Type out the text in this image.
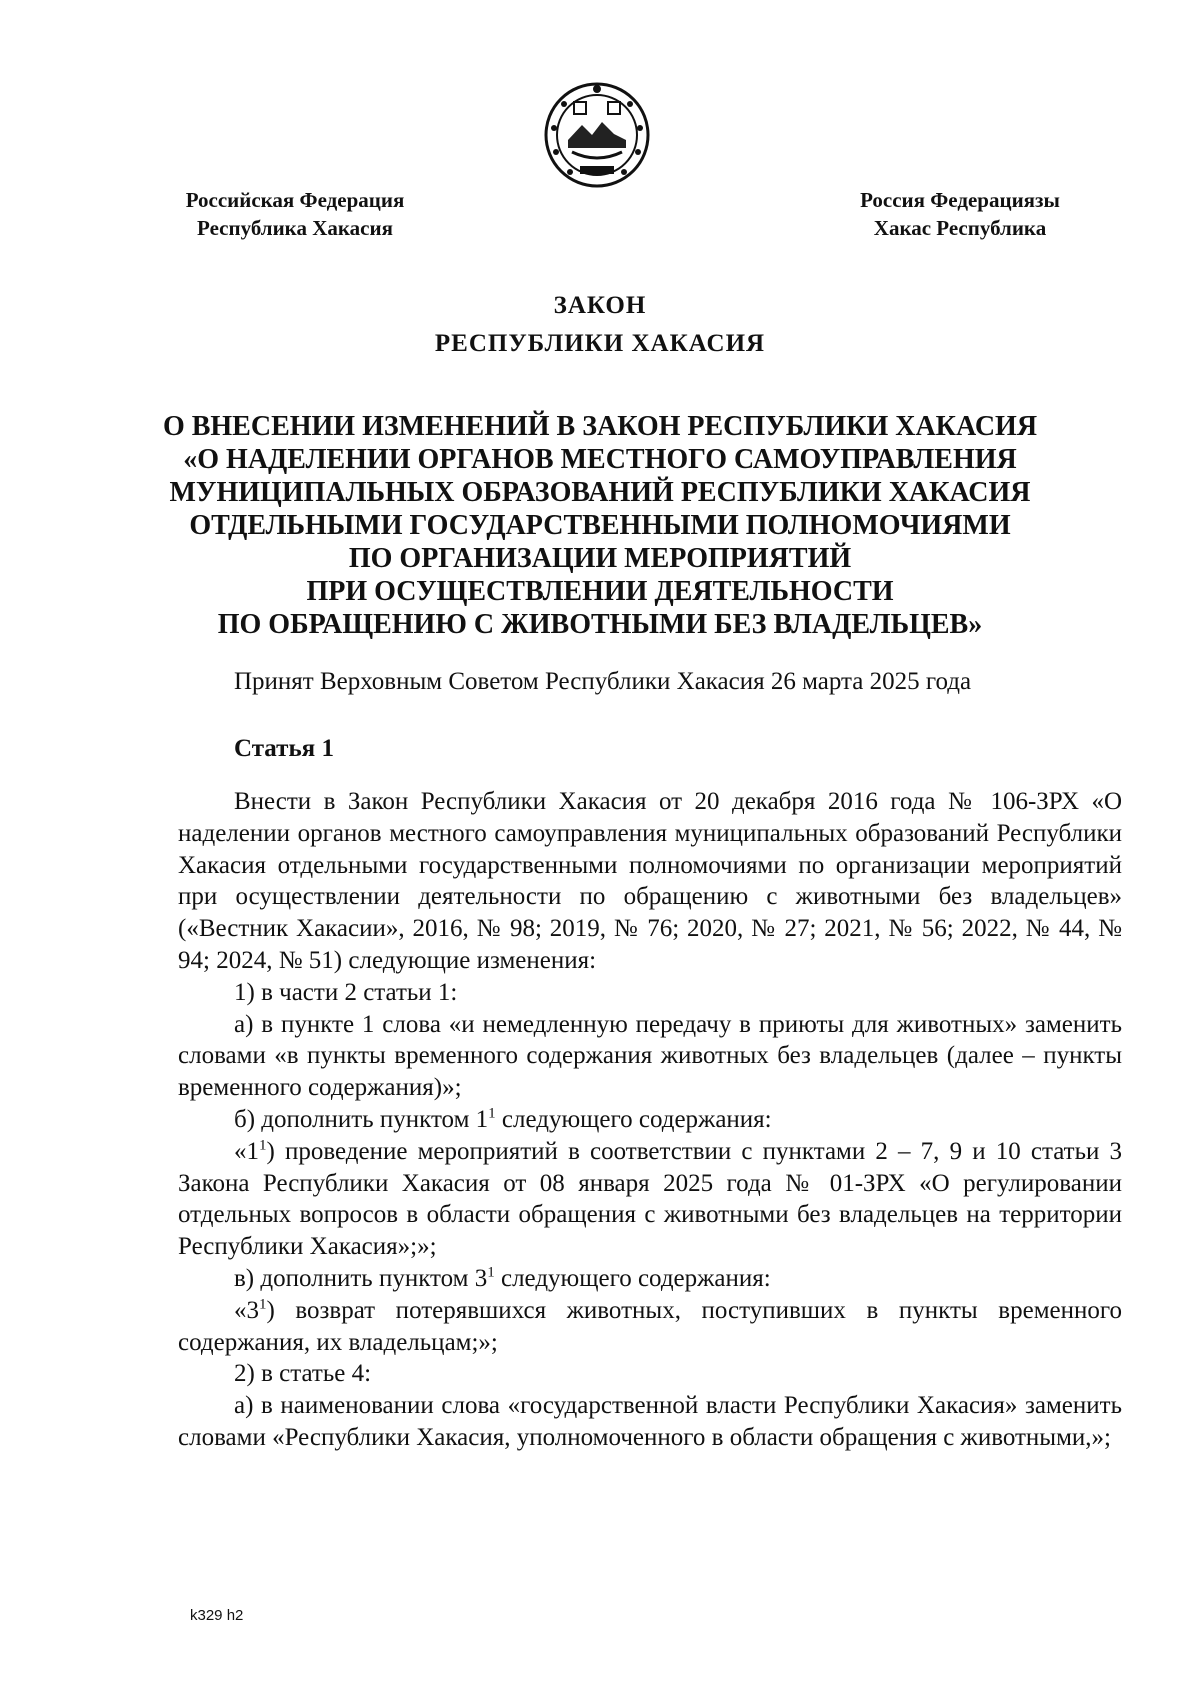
Российская Федерация
Республика Хакасия
Россия Федерациязы
Хакас Республика
ЗАКОН
РЕСПУБЛИКИ ХАКАСИЯ
О ВНЕСЕНИИ ИЗМЕНЕНИЙ В ЗАКОН РЕСПУБЛИКИ ХАКАСИЯ
«О НАДЕЛЕНИИ ОРГАНОВ МЕСТНОГО САМОУПРАВЛЕНИЯ
МУНИЦИПАЛЬНЫХ ОБРАЗОВАНИЙ РЕСПУБЛИКИ ХАКАСИЯ
ОТДЕЛЬНЫМИ ГОСУДАРСТВЕННЫМИ ПОЛНОМОЧИЯМИ
ПО ОРГАНИЗАЦИИ МЕРОПРИЯТИЙ
ПРИ ОСУЩЕСТВЛЕНИИ ДЕЯТЕЛЬНОСТИ
ПО ОБРАЩЕНИЮ С ЖИВОТНЫМИ БЕЗ ВЛАДЕЛЬЦЕВ»
Принят Верховным Советом Республики Хакасия 26 марта 2025 года
Статья 1

Внести в Закон Республики Хакасия от 20 декабря 2016 года № 106-ЗРХ «О наделении органов местного самоуправления муниципальных образований Республики Хакасия отдельными государственными полномочиями по организации мероприятий при осуществлении деятельности по обращению с животными без владельцев» («Вестник Хакасии», 2016, № 98; 2019, № 76; 2020, № 27; 2021, № 56; 2022, № 44, № 94; 2024, № 51) следующие изменения:

1) в части 2 статьи 1:

а) в пункте 1 слова «и немедленную передачу в приюты для животных» заменить словами «в пункты временного содержания животных без владельцев (далее – пункты временного содержания)»;

б) дополнить пунктом $1^1$ следующего содержания:

«$1^1$) проведение мероприятий в соответствии с пунктами 2 – 7, 9 и 10 статьи 3 Закона Республики Хакасия от 08 января 2025 года № 01-ЗРХ «О регулировании отдельных вопросов в области обращения с животными без владельцев на территории Республики Хакасия»;»;

в) дополнить пунктом $3^1$ следующего содержания:

«$3^1$) возврат потерявшихся животных, поступивших в пункты временного содержания, их владельцам;»;

2) в статье 4:

а) в наименовании слова «государственной власти Республики Хакасия» заменить словами «Республики Хакасия, уполномоченного в области обращения с животными,»;

k329 h2
